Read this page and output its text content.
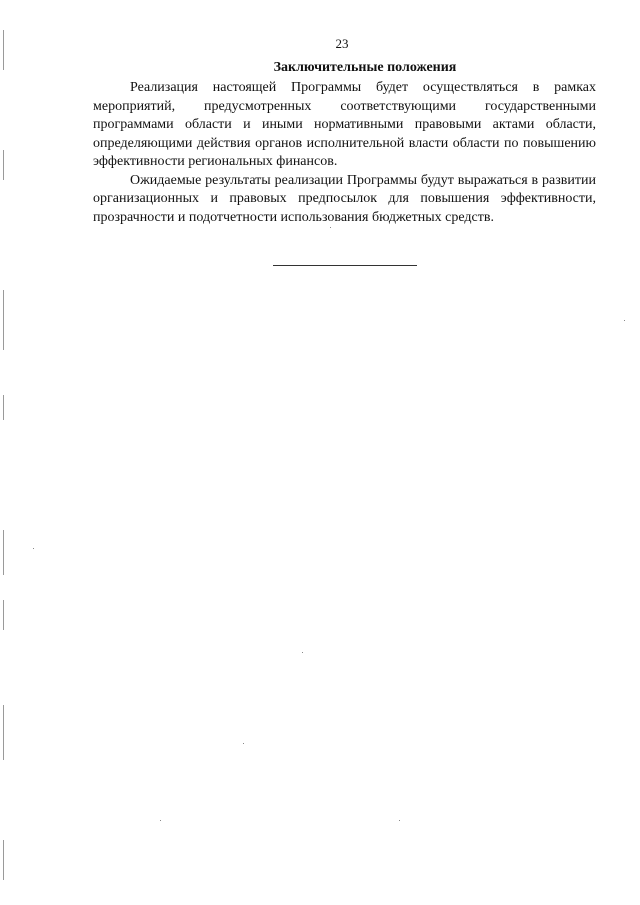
23
Заключительные положения

Реализация настоящей Программы будет осуществляться в рамках мероприятий, предусмотренных соответствующими государственными программами области и иными нормативными правовыми актами области, определяющими действия органов исполнительной власти области по повышению эффективности региональных финансов.

Ожидаемые результаты реализации Программы будут выражаться в развитии организационных и правовых предпосылок для повышения эффективности, прозрачности и подотчетности использования бюджетных средств.
